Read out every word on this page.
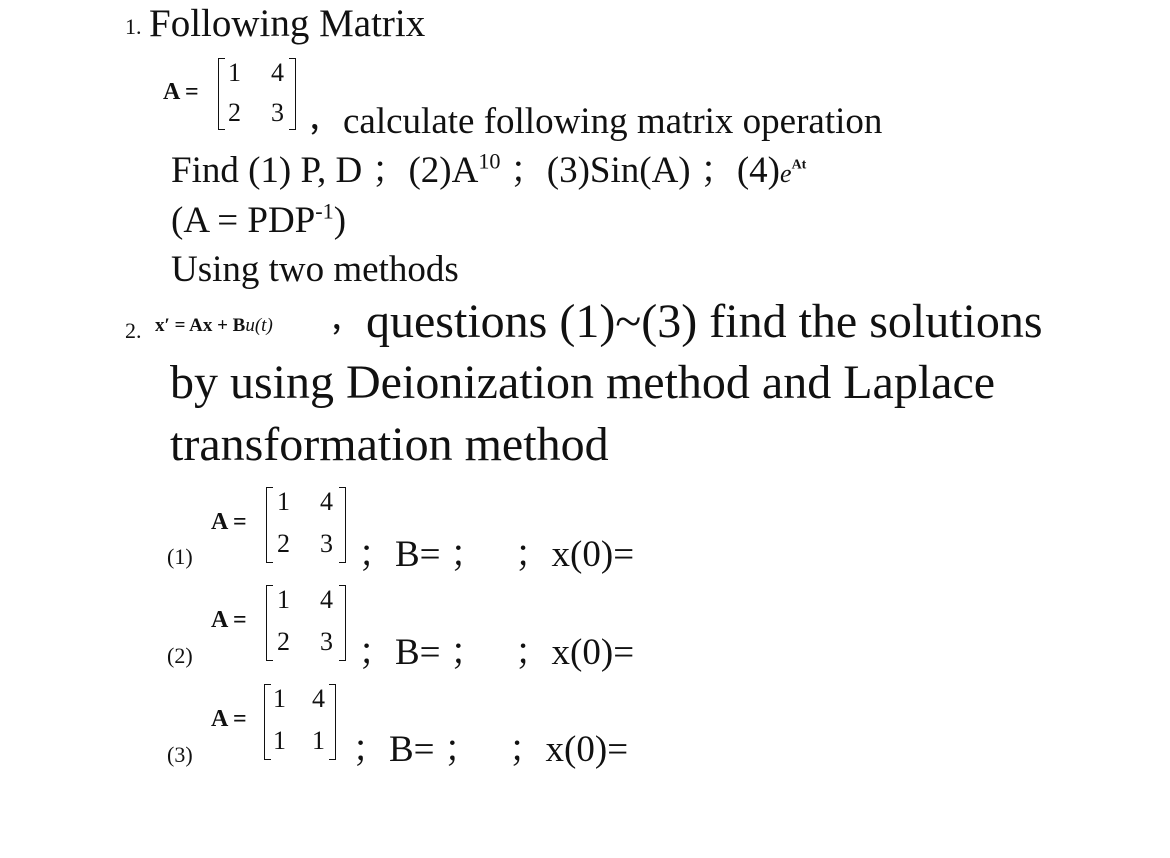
1. Following Matrix
A =
1 4
2 3 ， calculate following matrix operation
Find (1) P, D ；$(2)A^{10}$ ；(3)Sin(A) ；$(4)e^{At}$
$(A = PDP^{-1})$
Using two methods
2. x′ = Ax + Bu(t) ， questions (1)~(3) find the solutions
by using Deionization method and Laplace
transformation method
(1)
A =
1 4
2 3 ；B= ；   ；x(0)=
(2)
A =
1 4
2 3 ；B= ；   ；x(0)=
(3)
A =
1 4
1 1 ；B= ；   ；x(0)=
